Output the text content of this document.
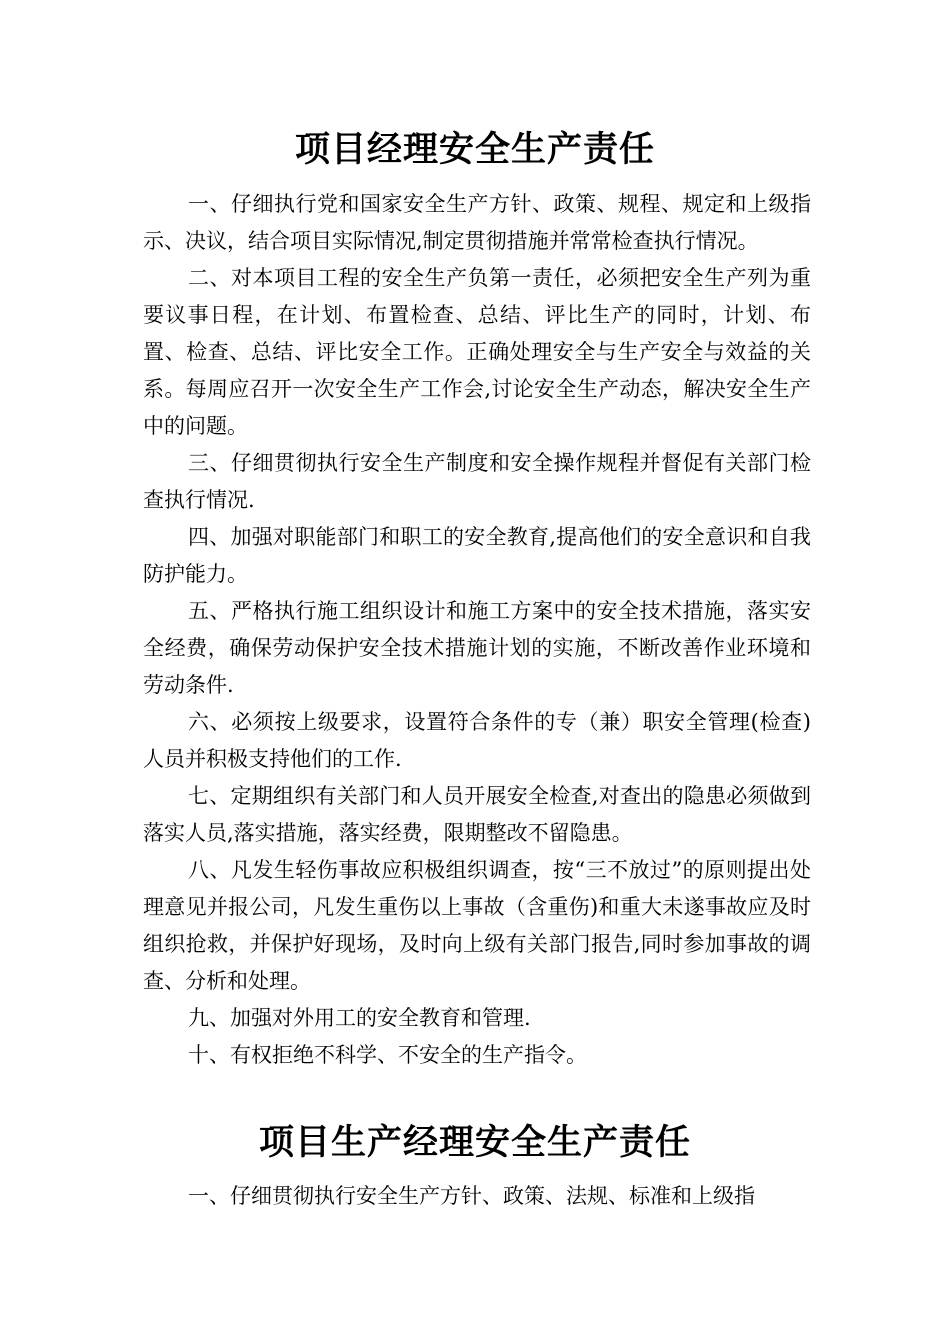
项目经理安全生产责任

一、仔细执行党和国家安全生产方针、政策、规程、规定和上级指示、决议，结合项目实际情况,制定贯彻措施并常常检查执行情况。

二、对本项目工程的安全生产负第一责任，必须把安全生产列为重要议事日程，在计划、布置检查、总结、评比生产的同时，计划、布置、检查、总结、评比安全工作。正确处理安全与生产安全与效益的关系。每周应召开一次安全生产工作会,讨论安全生产动态，解决安全生产中的问题。

三、仔细贯彻执行安全生产制度和安全操作规程并督促有关部门检查执行情况.

四、加强对职能部门和职工的安全教育,提高他们的安全意识和自我防护能力。

五、严格执行施工组织设计和施工方案中的安全技术措施，落实安全经费，确保劳动保护安全技术措施计划的实施，不断改善作业环境和劳动条件.

六、必须按上级要求，设置符合条件的专（兼）职安全管理(检查)人员并积极支持他们的工作.

七、定期组织有关部门和人员开展安全检查,对查出的隐患必须做到落实人员,落实措施，落实经费，限期整改不留隐患。

八、凡发生轻伤事故应积极组织调查，按“三不放过”的原则提出处理意见并报公司，凡发生重伤以上事故（含重伤)和重大未遂事故应及时组织抢救，并保护好现场，及时向上级有关部门报告,同时参加事故的调查、分析和处理。

九、加强对外用工的安全教育和管理.

十、有权拒绝不科学、不安全的生产指令。

项目生产经理安全生产责任

一、仔细贯彻执行安全生产方针、政策、法规、标准和上级指
